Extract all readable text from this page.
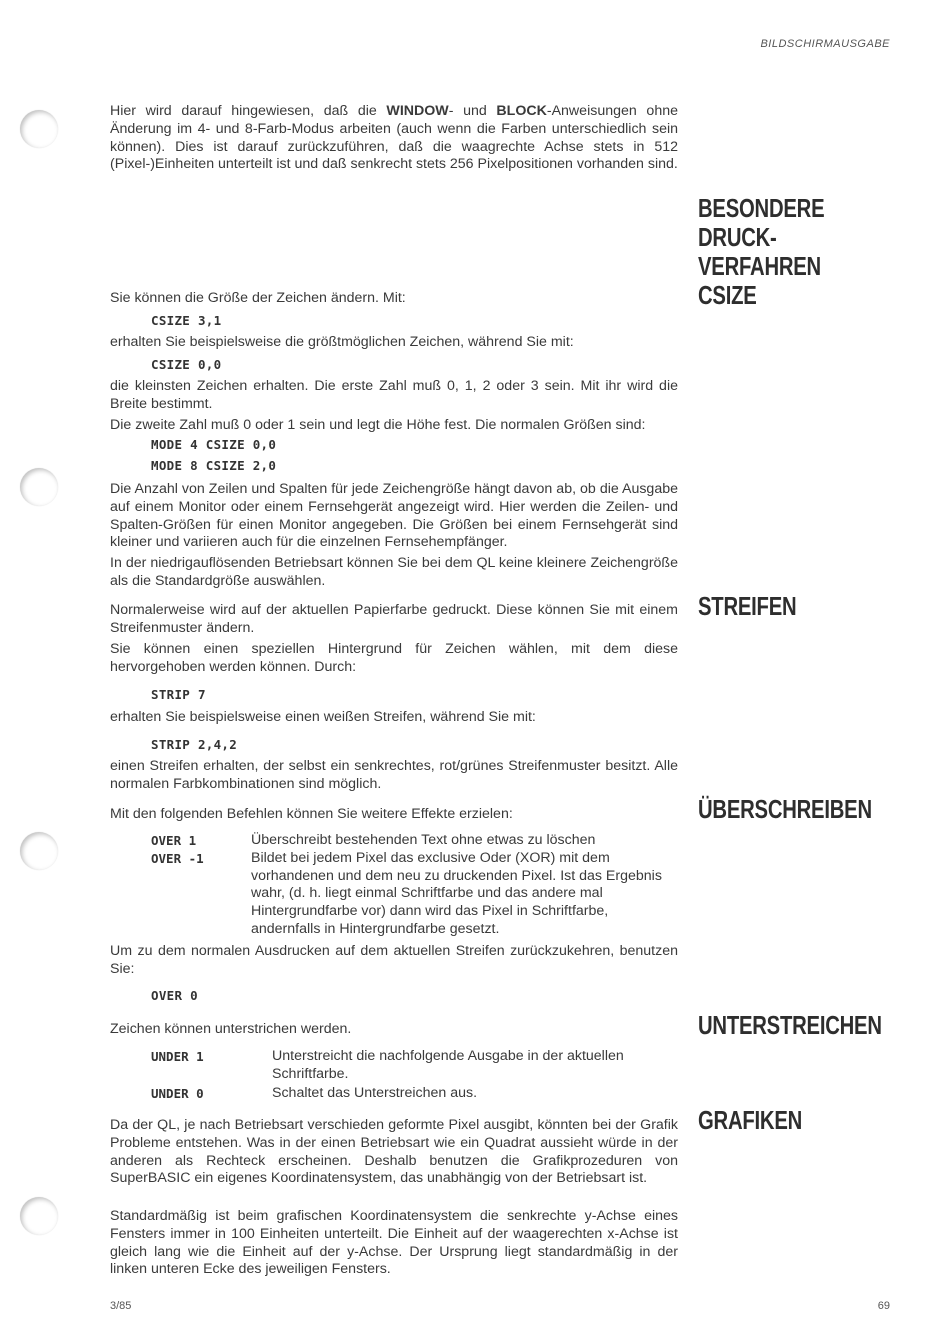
BILDSCHIRMAUSGABE

Hier wird darauf hingewiesen, daß die WINDOW- und BLOCK-Anweisungen ohne Änderung im 4- und 8-Farb-Modus arbeiten (auch wenn die Farben unterschiedlich sein können). Dies ist darauf zurückzuführen, daß die waagrechte Achse stets in 512 (Pixel-)Einheiten unterteilt ist und daß senkrecht stets 256 Pixelpositionen vorhanden sind.

BESONDERE
DRUCK-
VERFAHREN
CSIZE

Sie können die Größe der Zeichen ändern. Mit:

CSIZE 3,1

erhalten Sie beispielsweise die größtmöglichen Zeichen, während Sie mit:

CSIZE 0,0

die kleinsten Zeichen erhalten. Die erste Zahl muß 0, 1, 2 oder 3 sein. Mit ihr wird die Breite bestimmt.

Die zweite Zahl muß 0 oder 1 sein und legt die Höhe fest. Die normalen Größen sind:

MODE 4 CSIZE 0,0
MODE 8 CSIZE 2,0

Die Anzahl von Zeilen und Spalten für jede Zeichengröße hängt davon ab, ob die Ausgabe auf einem Monitor oder einem Fernsehgerät angezeigt wird. Hier werden die Zeilen- und Spalten-Größen für einen Monitor angegeben. Die Größen bei einem Fernsehgerät sind kleiner und variieren auch für die einzelnen Fernsehempfänger.

In der niedrigauflösenden Betriebsart können Sie bei dem QL keine kleinere Zeichengröße als die Standardgröße auswählen.

STREIFEN

Normalerweise wird auf der aktuellen Papierfarbe gedruckt. Diese können Sie mit einem Streifenmuster ändern.

Sie können einen speziellen Hintergrund für Zeichen wählen, mit dem diese hervorgehoben werden können. Durch:

STRIP 7

erhalten Sie beispielsweise einen weißen Streifen, während Sie mit:

STRIP 2,4,2

einen Streifen erhalten, der selbst ein senkrechtes, rot/grünes Streifenmuster besitzt. Alle normalen Farbkombinationen sind möglich.

ÜBERSCHREIBEN

Mit den folgenden Befehlen können Sie weitere Effekte erzielen:

OVER 1	Überschreibt bestehenden Text ohne etwas zu löschen
OVER -1	Bildet bei jedem Pixel das exclusive Oder (XOR) mit dem vorhandenen und dem neu zu druckenden Pixel. Ist das Ergebnis wahr, (d. h. liegt einmal Schriftfarbe und das andere mal Hintergrundfarbe vor) dann wird das Pixel in Schriftfarbe, andernfalls in Hintergrundfarbe gesetzt.

Um zu dem normalen Ausdrucken auf dem aktuellen Streifen zurückzukehren, benutzen Sie:

OVER 0
UNTERSTREICHEN

Zeichen können unterstrichen werden.

UNDER 1	Unterstreicht die nachfolgende Ausgabe in der aktuellen Schriftfarbe.
UNDER 0	Schaltet das Unterstreichen aus.
GRAFIKEN

Da der QL, je nach Betriebsart verschieden geformte Pixel ausgibt, könnten bei der Grafik Probleme entstehen. Was in der einen Betriebsart wie ein Quadrat aussieht würde in der anderen als Rechteck erscheinen. Deshalb benutzen die Grafikprozeduren von SuperBASIC ein eigenes Koordinatensystem, das unabhängig von der Betriebsart ist.

Standardmäßig ist beim grafischen Koordinatensystem die senkrechte y-Achse eines Fensters immer in 100 Einheiten unterteilt. Die Einheit auf der waagerechten x-Achse ist gleich lang wie die Einheit auf der y-Achse. Der Ursprung liegt standardmäßig in der linken unteren Ecke des jeweiligen Fensters.

3/85	69
